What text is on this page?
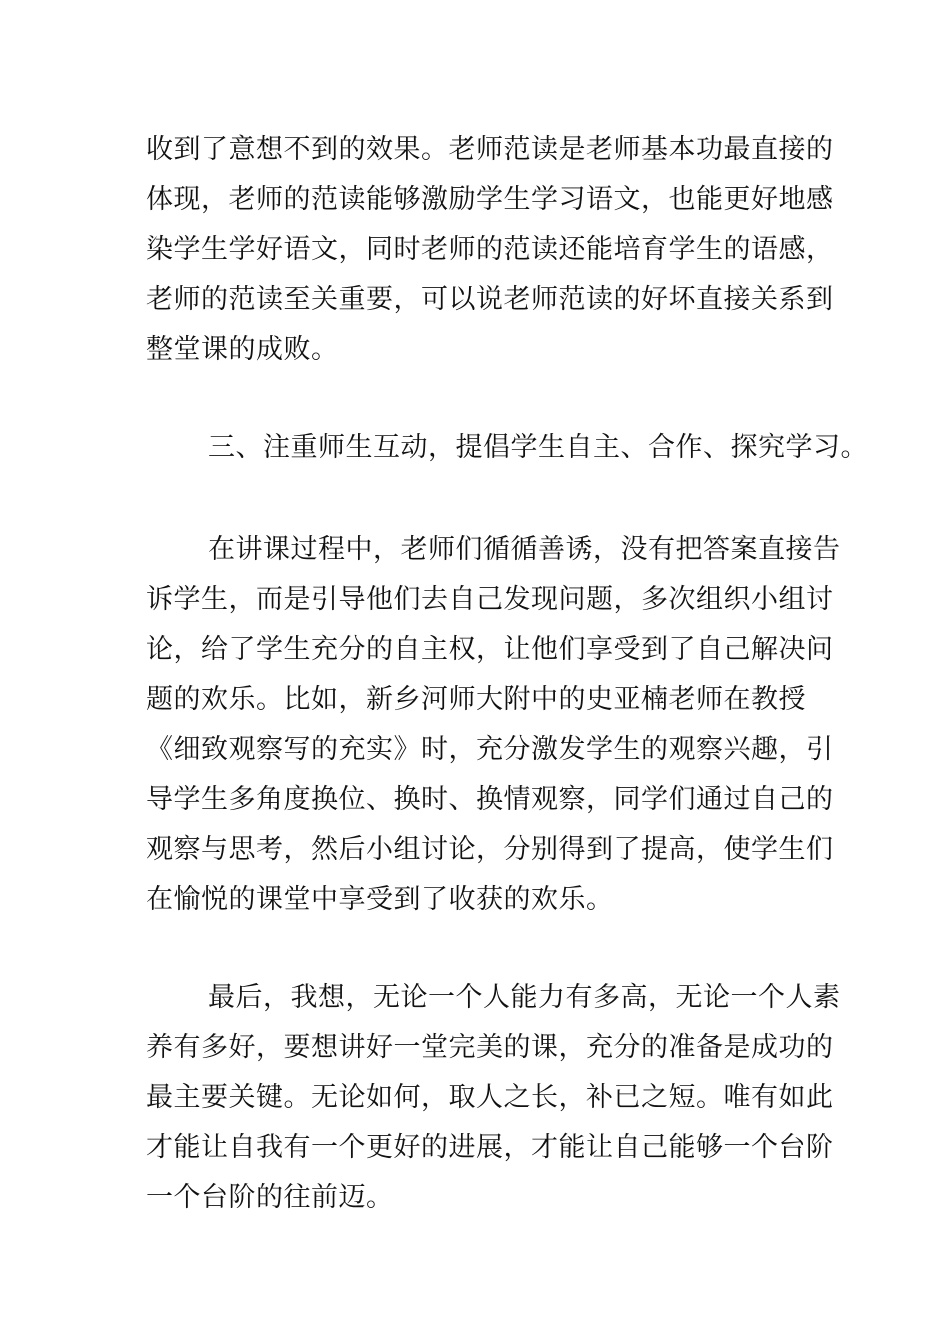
收到了意想不到的效果。老师范读是老师基本功最直接的
体现，老师的范读能够激励学生学习语文，也能更好地感
染学生学好语文，同时老师的范读还能培育学生的语感，
老师的范读至关重要，可以说老师范读的好坏直接关系到
整堂课的成败。
三、注重师生互动，提倡学生自主、合作、探究学习。
在讲课过程中，老师们循循善诱，没有把答案直接告
诉学生，而是引导他们去自己发现问题，多次组织小组讨
论，给了学生充分的自主权，让他们享受到了自己解决问
题的欢乐。比如，新乡河师大附中的史亚楠老师在教授
《细致观察写的充实》时，充分激发学生的观察兴趣，引
导学生多角度换位、换时、换情观察，同学们通过自己的
观察与思考，然后小组讨论，分别得到了提高，使学生们
在愉悦的课堂中享受到了收获的欢乐。
最后，我想，无论一个人能力有多高，无论一个人素
养有多好，要想讲好一堂完美的课，充分的准备是成功的
最主要关键。无论如何，取人之长，补已之短。唯有如此
才能让自我有一个更好的进展，才能让自己能够一个台阶
一个台阶的往前迈。
